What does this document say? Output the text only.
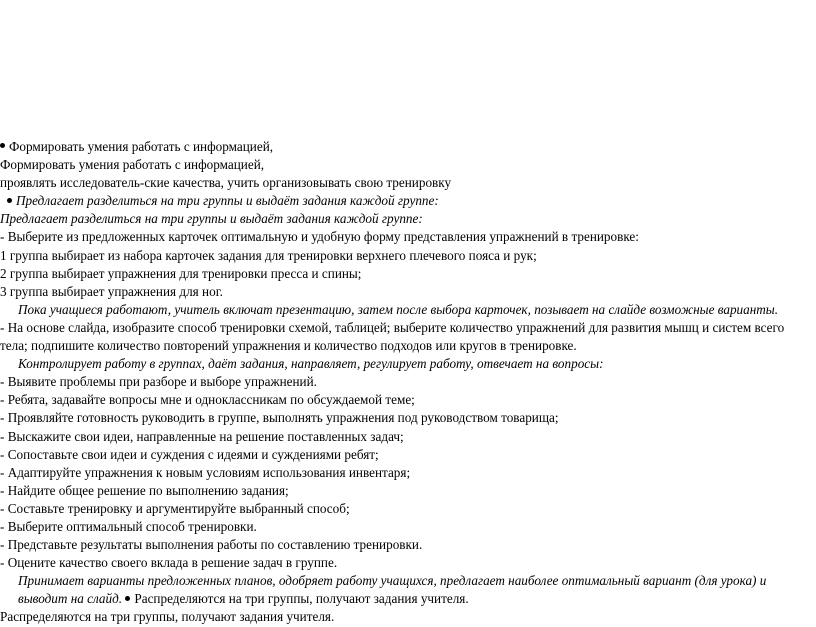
Формировать умения работать с информацией,
Формировать умения работать с информацией,
проявлять исследователь-ские качества, учить организовывать свою тренировку
Предлагает разделиться на три группы и выдаёт задания каждой группе:
Предлагает разделиться на три группы и выдаёт задания каждой группе:
- Выберите из предложенных карточек оптимальную и удобную форму представления упражнений в тренировке:
1 группа выбирает из набора карточек задания для тренировки верхнего плечевого пояса и рук;
2 группа выбирает упражнения для тренировки пресса и спины;
3 группа выбирает упражнения для ног.
Пока учащиеся работают, учитель включат презентацию, затем после выбора карточек, позывает на слайде возможные варианты.
- На основе слайда, изобразите способ тренировки схемой, таблицей; выберите количество упражнений для развития мышц и систем всего тела; подпишите количество повторений упражнения и количество подходов или кругов в тренировке.
Контролирует работу в группах, даёт задания, направляет, регулирует работу, отвечает на вопросы:
- Выявите проблемы при разборе и выборе упражнений.
- Ребята, задавайте вопросы мне и одноклассникам по обсуждаемой теме;
- Проявляйте готовность руководить в группе, выполнять упражнения под руководством товарища;
- Выскажите свои идеи, направленные на решение поставленных задач;
- Сопоставьте свои идеи и суждения с идеями и суждениями ребят;
- Адаптируйте упражнения к новым условиям использования инвентаря;
- Найдите общее решение по выполнению задания;
- Составьте тренировку и аргументируйте выбранный способ;
- Выберите оптимальный способ тренировки.
- Представьте результаты выполнения работы по составлению тренировки.
- Оцените качество своего вклада в решение задач в группе.
Принимает варианты предложенных планов, одобряет работу учащихся, предлагает наиболее оптимальный вариант (для урока) и выводит на слайд. Распределяются на три группы, получают задания учителя.
Распределяются на три группы, получают задания учителя.
